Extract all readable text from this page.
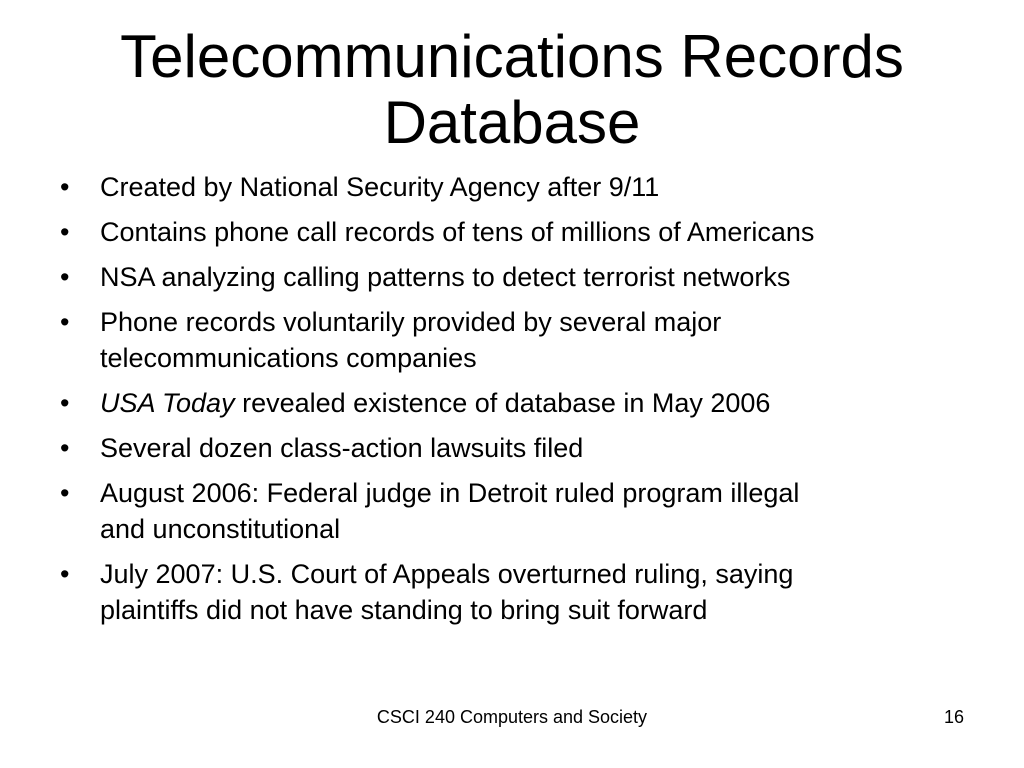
Telecommunications Records
Database
•	Created by National Security Agency after 9/11
•	Contains phone call records of tens of millions of Americans
•	NSA analyzing calling patterns to detect terrorist networks
•	Phone records voluntarily provided by several major
telecommunications companies
•	USA Today revealed existence of database in May 2006
•	Several dozen class-action lawsuits filed
•	August 2006: Federal judge in Detroit ruled program illegal
and unconstitutional
•	July 2007: U.S. Court of Appeals overturned ruling, saying
plaintiffs did not have standing to bring suit forward
CSCI 240 Computers and Society	16
